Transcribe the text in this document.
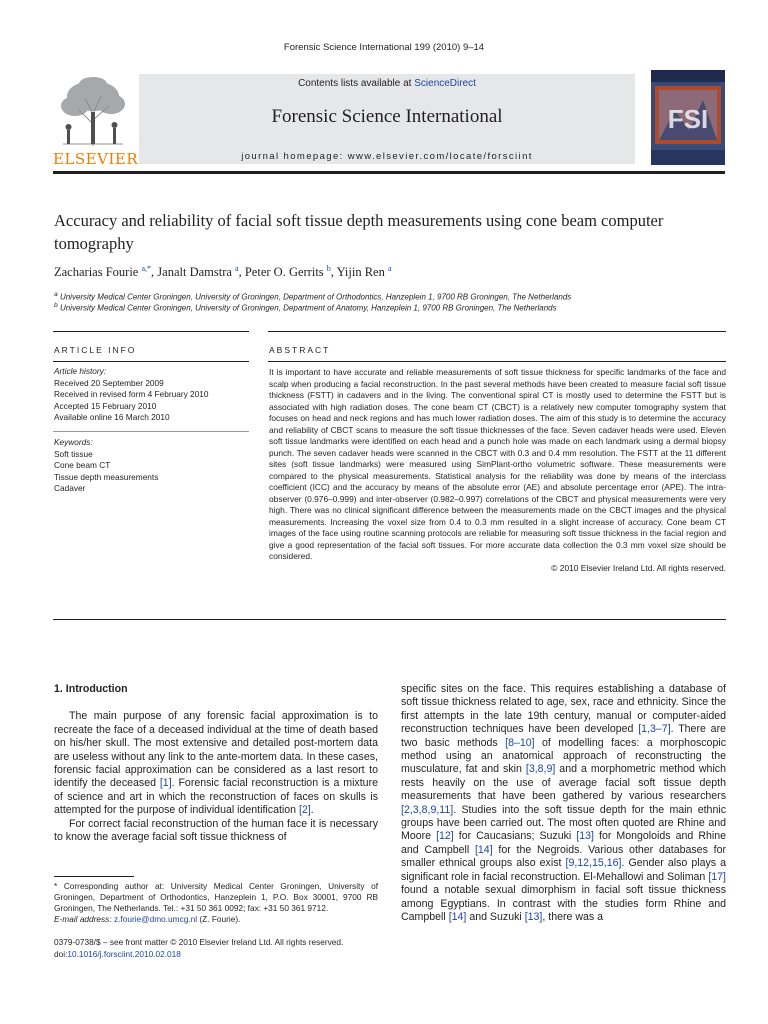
Forensic Science International 199 (2010) 9–14
ELSEVIER
Contents lists available at ScienceDirect
Forensic Science International
journal homepage: www.elsevier.com/locate/forsciint
FSI
Accuracy and reliability of facial soft tissue depth measurements using cone beam computer tomography
Zacharias Fourie $^{a,*}$, Janalt Damstra $^a$, Peter O. Gerrits $^b$, Yijin Ren $^a$
$^a$ University Medical Center Groningen, University of Groningen, Department of Orthodontics, Hanzeplein 1, 9700 RB Groningen, The Netherlands
$^b$ University Medical Center Groningen, University of Groningen, Department of Anatomy, Hanzeplein 1, 9700 RB Groningen, The Netherlands
ARTICLE INFO	ABSTRACT
Article history:
Received 20 September 2009
Received in revised form 4 February 2010
Accepted 15 February 2010
Available online 16 March 2010
Keywords:
Soft tissue
Cone beam CT
Tissue depth measurements
Cadaver
It is important to have accurate and reliable measurements of soft tissue thickness for specific landmarks of the face and scalp when producing a facial reconstruction. In the past several methods have been created to measure facial soft tissue thickness (FSTT) in cadavers and in the living. The conventional spiral CT is mostly used to determine the FSTT but is associated with high radiation doses. The cone beam CT (CBCT) is a relatively new computer tomography system that focuses on head and neck regions and has much lower radiation doses. The aim of this study is to determine the accuracy and reliability of CBCT scans to measure the soft tissue thicknesses of the face. Seven cadaver heads were used. Eleven soft tissue landmarks were identified on each head and a punch hole was made on each landmark using a dermal biopsy punch. The seven cadaver heads were scanned in the CBCT with 0.3 and 0.4 mm resolution. The FSTT at the 11 different sites (soft tissue landmarks) were measured using SimPlant-ortho volumetric software. These measurements were compared to the physical measurements. Statistical analysis for the reliability was done by means of the interclass coefficient (ICC) and the accuracy by means of the absolute error (AE) and absolute percentage error (APE). The intra-observer (0.976–0.999) and inter-observer (0.982–0.997) correlations of the CBCT and physical measurements were very high. There was no clinical significant difference between the measurements made on the CBCT images and the physical measurements. Increasing the voxel size from 0.4 to 0.3 mm resulted in a slight increase of accuracy. Cone beam CT images of the face using routine scanning protocols are reliable for measuring soft tissue thickness in the facial region and give a good representation of the facial soft tissues. For more accurate data collection the 0.3 mm voxel size should be considered.
© 2010 Elsevier Ireland Ltd. All rights reserved.
1. Introduction

The main purpose of any forensic facial approximation is to recreate the face of a deceased individual at the time of death based on his/her skull. The most extensive and detailed post-mortem data are useless without any link to the ante-mortem data. In these cases, forensic facial approximation can be considered as a last resort to identify the deceased [1]. Forensic facial reconstruction is a mixture of science and art in which the reconstruction of faces on skulls is attempted for the purpose of individual identification [2].

For correct facial reconstruction of the human face it is necessary to know the average facial soft tissue thickness of

specific sites on the face. This requires establishing a database of soft tissue thickness related to age, sex, race and ethnicity. Since the first attempts in the late 19th century, manual or computer-aided reconstruction techniques have been developed [1,3–7]. There are two basic methods [8–10] of modelling faces: a morphoscopic method using an anatomical approach of reconstructing the musculature, fat and skin [3,8,9] and a morphometric method which rests heavily on the use of average facial soft tissue depth measurements that have been gathered by various researchers [2,3,8,9,11]. Studies into the soft tissue depth for the main ethnic groups have been carried out. The most often quoted are Rhine and Moore [12] for Caucasians; Suzuki [13] for Mongoloids and Rhine and Campbell [14] for the Negroids. Various other databases for smaller ethnical groups also exist [9,12,15,16]. Gender also plays a significant role in facial reconstruction. El-Mehallowi and Soliman [17] found a notable sexual dimorphism in facial soft tissue thickness among Egyptians. In contrast with the studies form Rhine and Campbell [14] and Suzuki [13], there was a

* Corresponding author at: University Medical Center Groningen, University of Groningen, Department of Orthodontics, Hanzeplein 1, P.O. Box 30001, 9700 RB Groningen, The Netherlands. Tel.: +31 50 361 0092; fax: +31 50 361 9712.
E-mail address: z.fourie@dmo.umcg.nl (Z. Fourie).
0379-0738/$ – see front matter © 2010 Elsevier Ireland Ltd. All rights reserved.
doi:10.1016/j.forsciint.2010.02.018
